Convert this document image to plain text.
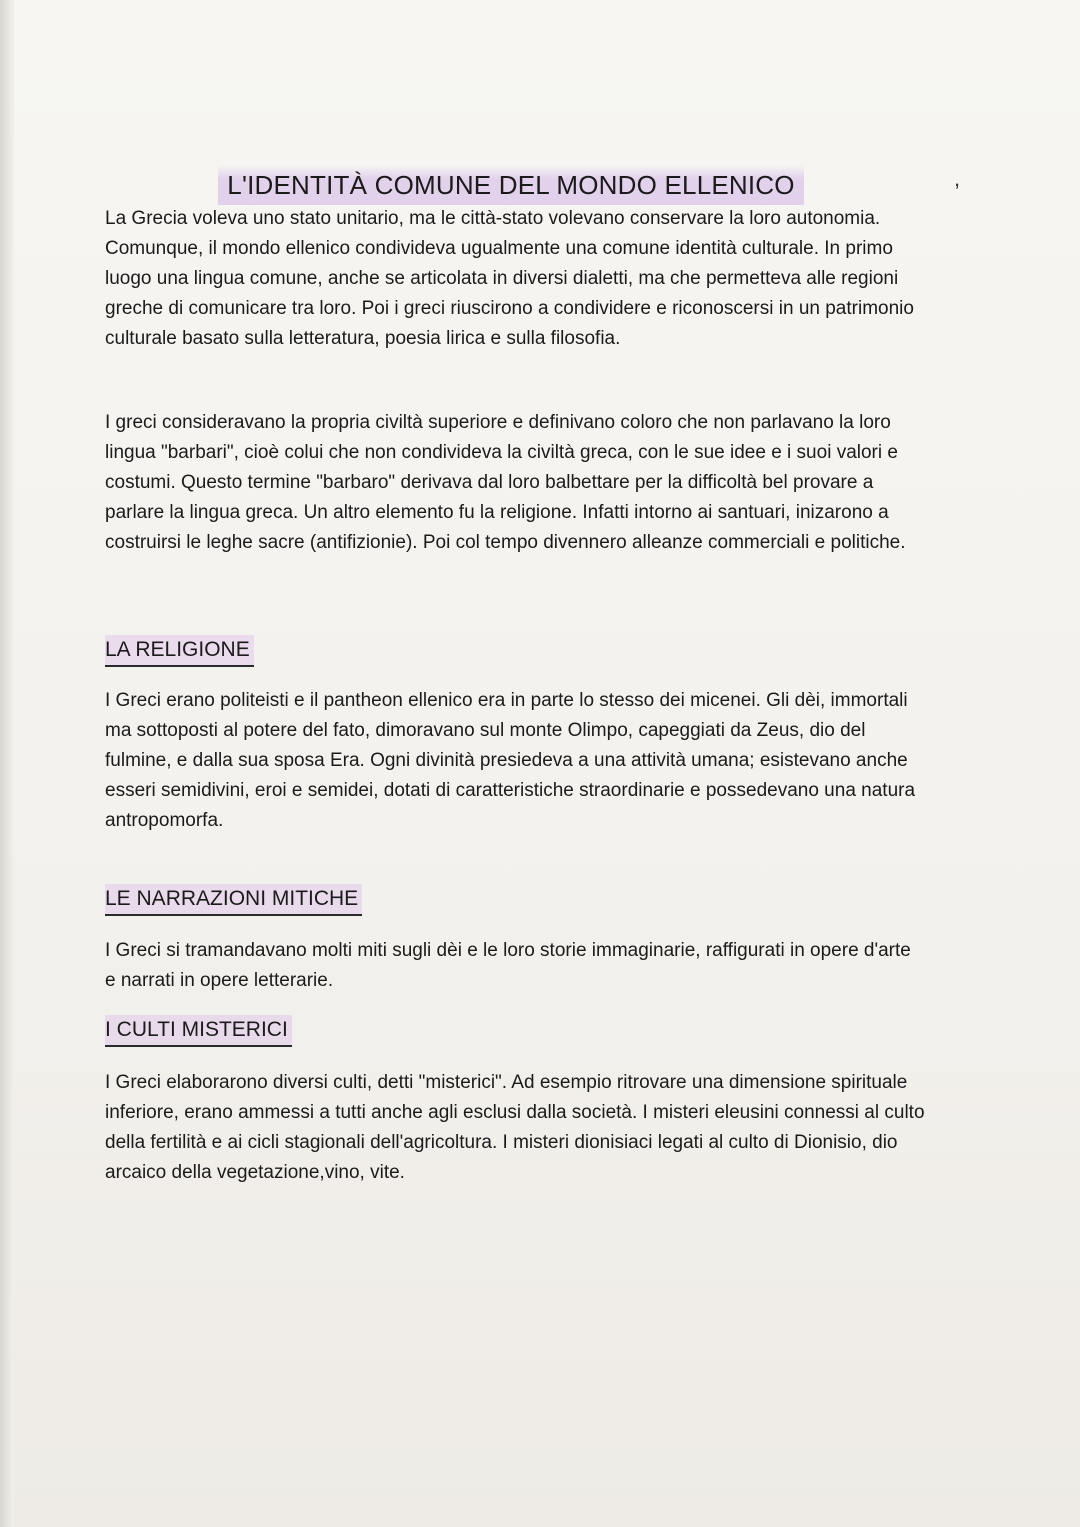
,
L'IDENTITÀ COMUNE DEL MONDO ELLENICO

La Grecia voleva uno stato unitario, ma le città-stato volevano conservare la loro autonomia. Comunque, il mondo ellenico condivideva ugualmente una comune identità culturale. In primo luogo una lingua comune, anche se articolata in diversi dialetti, ma che permetteva alle regioni greche di comunicare tra loro. Poi i greci riuscirono a condividere e riconoscersi in un patrimonio culturale basato sulla letteratura, poesia lirica e sulla filosofia.

I greci consideravano la propria civiltà superiore e definivano coloro che non parlavano la loro lingua "barbari", cioè colui che non condivideva la civiltà greca, con le sue idee e i suoi valori e costumi. Questo termine "barbaro" derivava dal loro balbettare per la difficoltà bel provare a parlare la lingua greca. Un altro elemento fu la religione. Infatti intorno ai santuari, inizarono a costruirsi le leghe sacre (antifizionie). Poi col tempo divennero alleanze commerciali e politiche.

LA RELIGIONE

I Greci erano politeisti e il pantheon ellenico era in parte lo stesso dei micenei. Gli dèi, immortali ma sottoposti al potere del fato, dimoravano sul monte Olimpo, capeggiati da Zeus, dio del fulmine, e dalla sua sposa Era. Ogni divinità presiedeva a una attività umana; esistevano anche esseri semidivini, eroi e semidei, dotati di caratteristiche straordinarie e possedevano una natura antropomorfa.

LE NARRAZIONI MITICHE

I Greci si tramandavano molti miti sugli dèi e le loro storie immaginarie, raffigurati in opere d'arte e narrati in opere letterarie.

I CULTI MISTERICI

I Greci elaborarono diversi culti, detti "misterici". Ad esempio ritrovare una dimensione spirituale inferiore, erano ammessi a tutti anche agli esclusi dalla società. I misteri eleusini connessi al culto della fertilità e ai cicli stagionali dell'agricoltura. I misteri dionisiaci legati al culto di Dionisio, dio arcaico della vegetazione,vino, vite.
